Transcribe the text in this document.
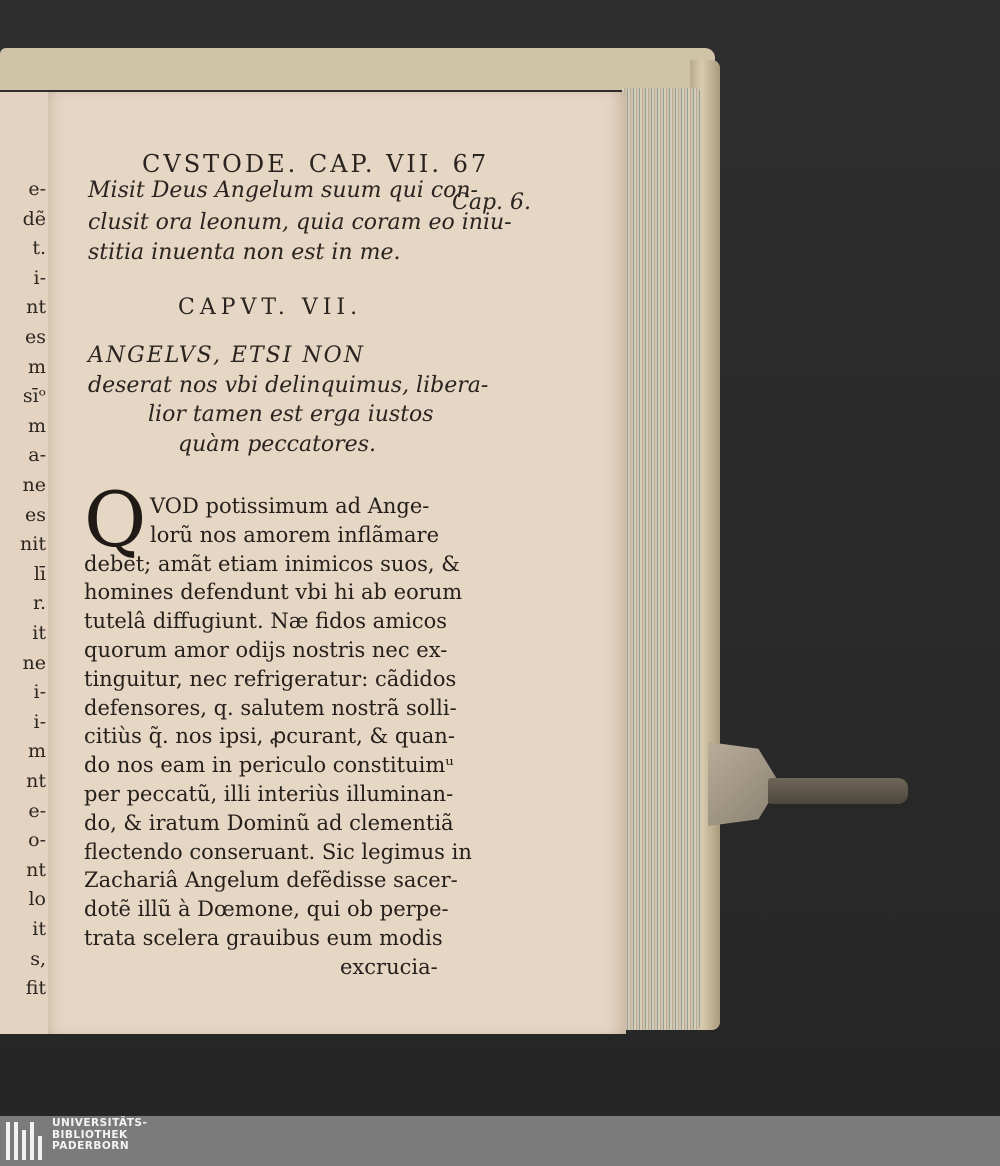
e-
dẽ
t.
i-
nt
es
m
sīᵒ
m
a-
ne
es
nit
lī
r.
it
ne
i-
i-
m
nt
e-
o-
nt
lo
it
s,
fit
CVSTODE. CAP. VII. 67
Cap. 6.
Misit Deus Angelum suum qui con-
clusit ora leonum, quia coram eo iniu-
stitia inuenta non est in me.
CAPVT. VII.
ANGELVS, ETSI NON
deserat nos vbi delinquimus, libera-
lior tamen est erga iustos
quàm peccatores.
Q VOD potissimum ad Ange-
lorũ nos amorem inflãmare
debet; amãt etiam inimicos suos, &
homines defendunt vbi hi ab eorum
tutelâ diffugiunt. Næ fidos amicos
quorum amor odijs nostris nec ex-
tinguitur, nec refrigeratur: cãdidos
defensores, q. salutem nostrã solli-
citiùs q̃. nos ipsi, ꝓcurant, & quan-
do nos eam in periculo constituimᵘ
per peccatũ, illi interiùs illuminan-
do, & iratum Dominũ ad clementiã
flectendo conseruant. Sic legimus in
Zachariâ Angelum defẽdisse sacer-
dotẽ illũ à Dœmone, qui ob perpe-
trata scelera grauibus eum modis
excrucia-
UNIVERSITÄTS-
BIBLIOTHEK
PADERBORN
